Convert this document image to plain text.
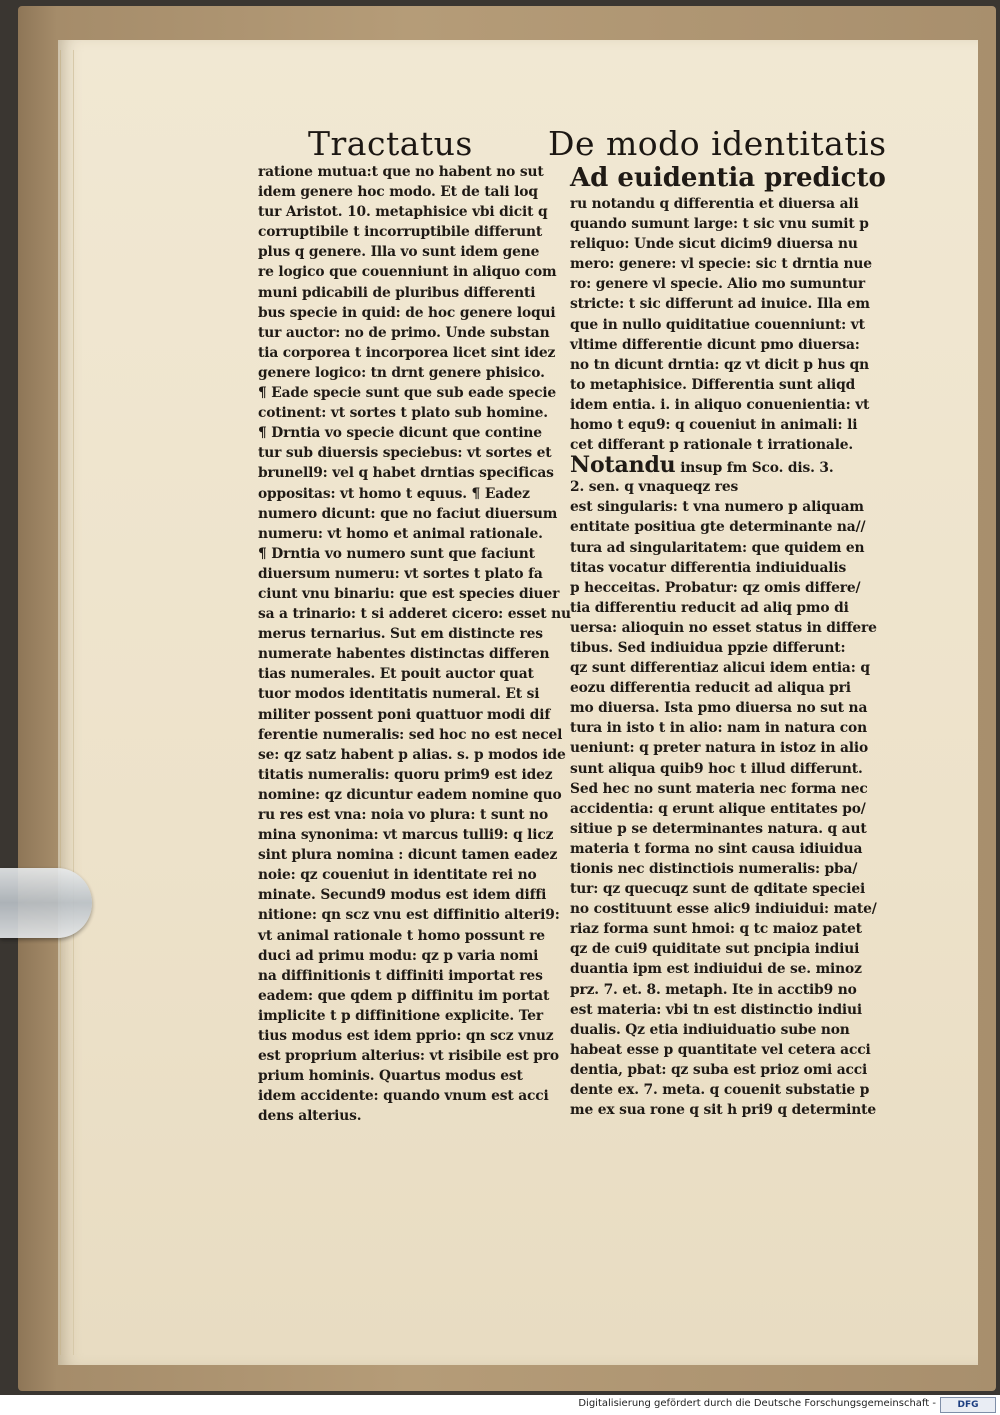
Tractatus De modo identitatis
ratione mutua:t que no habent no sut
idem genere hoc modo. Et de tali loq
tur Aristot. 10. metaphisice vbi dicit q
corruptibile t incorruptibile differunt
plus q genere. Illa vo sunt idem gene
re logico que couenniunt in aliquo com
muni pdicabili de pluribus differenti
bus specie in quid: de hoc genere loqui
tur auctor: no de primo. Unde substan
tia corporea t incorporea licet sint idez
genere logico: tn drnt genere phisico.
¶ Eade specie sunt que sub eade specie
cotinent: vt sortes t plato sub homine.
¶ Drntia vo specie dicunt que contine
tur sub diuersis speciebus: vt sortes et
brunell9: vel q habet drntias specificas
oppositas: vt homo t equus. ¶ Eadez
numero dicunt: que no faciut diuersum
numeru: vt homo et animal rationale.
¶ Drntia vo numero sunt que faciunt
diuersum numeru: vt sortes t plato fa
ciunt vnu binariu: que est species diuer
sa a trinario: t si adderet cicero: esset nu
merus ternarius. Sut em distincte res
numerate habentes distinctas differen
tias numerales. Et pouit auctor quat
tuor modos identitatis numeral. Et si
militer possent poni quattuor modi dif
ferentie numeralis: sed hoc no est necel
se: qz satz habent p alias. s. p modos ide
titatis numeralis: quoru prim9 est idez
nomine: qz dicuntur eadem nomine quo
ru res est vna: noia vo plura: t sunt no
mina synonima: vt marcus tulli9: q licz
sint plura nomina : dicunt tamen eadez
noie: qz coueniut in identitate rei no
minate. Secund9 modus est idem diffi
nitione: qn scz vnu est diffinitio alteri9:
vt animal rationale t homo possunt re
duci ad primu modu: qz p varia nomi
na diffinitionis t diffiniti importat res
eadem: que qdem p diffinitu im portat
implicite t p diffinitione explicite. Ter
tius modus est idem pprio: qn scz vnuz
est proprium alterius: vt risibile est pro
prium hominis. Quartus modus est
idem accidente: quando vnum est acci
dens alterius.
Ad euidentia predicto
ru notandu q differentia et diuersa ali
quando sumunt large: t sic vnu sumit p
reliquo: Unde sicut dicim9 diuersa nu
mero: genere: vl specie: sic t drntia nue
ro: genere vl specie. Alio mo sumuntur
stricte: t sic differunt ad inuice. Illa em
que in nullo quiditatiue couenniunt: vt
vltime differentie dicunt pmo diuersa:
no tn dicunt drntia: qz vt dicit p hus qn
to metaphisice. Differentia sunt aliqd
idem entia. i. in aliquo conuenientia: vt
homo t equ9: q coueniut in animali: li
cet differant p rationale t irrationale.
Notandu insup fm Sco. dis. 3.
2. sen. q vnaqueqz res
est singularis: t vna numero p aliquam
entitate positiua gte determinante na//
tura ad singularitatem: que quidem en
titas vocatur differentia indiuidualis
p hecceitas. Probatur: qz omis differe/
tia differentiu reducit ad aliq pmo di
uersa: alioquin no esset status in differe
tibus. Sed indiuidua ppzie differunt:
qz sunt differentiaz alicui idem entia: q
eozu differentia reducit ad aliqua pri
mo diuersa. Ista pmo diuersa no sut na
tura in isto t in alio: nam in natura con
ueniunt: q preter natura in istoz in alio
sunt aliqua quib9 hoc t illud differunt.
Sed hec no sunt materia nec forma nec
accidentia: q erunt alique entitates po/
sitiue p se determinantes natura. q aut
materia t forma no sint causa idiuidua
tionis nec distinctiois numeralis: pba/
tur: qz quecuqz sunt de qditate speciei
no costituunt esse alic9 indiuidui: mate/
riaz forma sunt hmoi: q tc maioz patet
qz de cui9 quiditate sut pncipia indiui
duantia ipm est indiuidui de se. minoz
prz. 7. et. 8. metaph. Ite in acctib9 no
est materia: vbi tn est distinctio indiui
dualis. Qz etia indiuiduatio sube non
habeat esse p quantitate vel cetera acci
dentia, pbat: qz suba est prioz omi acci
dente ex. 7. meta. q couenit substatie p
me ex sua rone q sit h pri9 q determinte
Digitalisierung gefördert durch die Deutsche Forschungsgemeinschaft -	DFG
